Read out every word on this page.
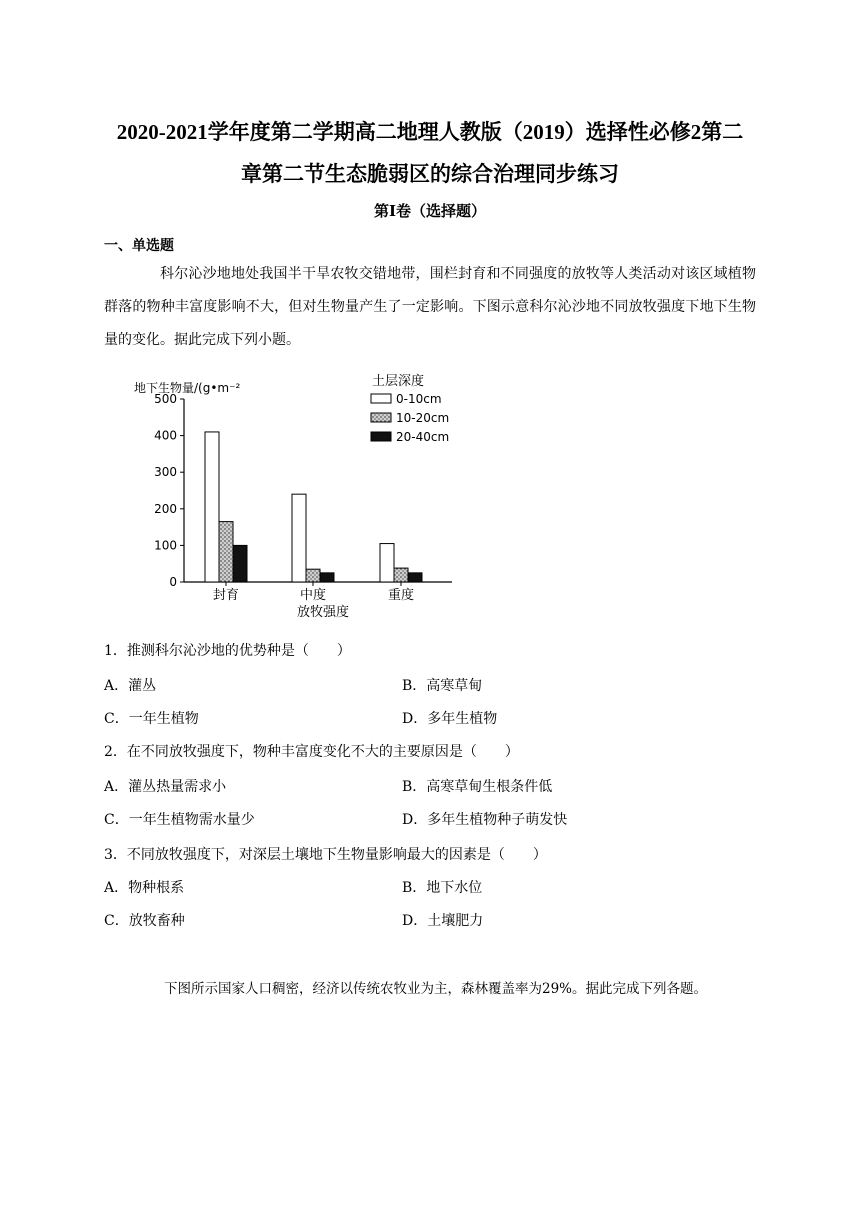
2020-2021学年度第二学期高二地理人教版（2019）选择性必修2第二
章第二节生态脆弱区的综合治理同步练习
第I卷（选择题）
一、单选题
科尔沁沙地地处我国半干旱农牧交错地带，围栏封育和不同强度的放牧等人类活动对该区域植物群落的物种丰富度影响不大，但对生物量产生了一定影响。下图示意科尔沁沙地不同放牧强度下地下生物量的变化。据此完成下列小题。
0
100
200
300
400
500
地下生物量/(g•m⁻²
封育	中度	重度
放牧强度
土层深度
0-10cm
10-20cm
20-40cm
1．推测科尔沁沙地的优势种是（　　）
A．灌丛	B．高寒草甸
C．一年生植物	D．多年生植物
2．在不同放牧强度下，物种丰富度变化不大的主要原因是（　　）
A．灌丛热量需求小	B．高寒草甸生根条件低
C．一年生植物需水量少	D．多年生植物种子萌发快
3．不同放牧强度下，对深层土壤地下生物量影响最大的因素是（　　）
A．物种根系	B．地下水位
C．放牧畜种	D．土壤肥力
下图所示国家人口稠密，经济以传统农牧业为主，森林覆盖率为29%。据此完成下列各题。
